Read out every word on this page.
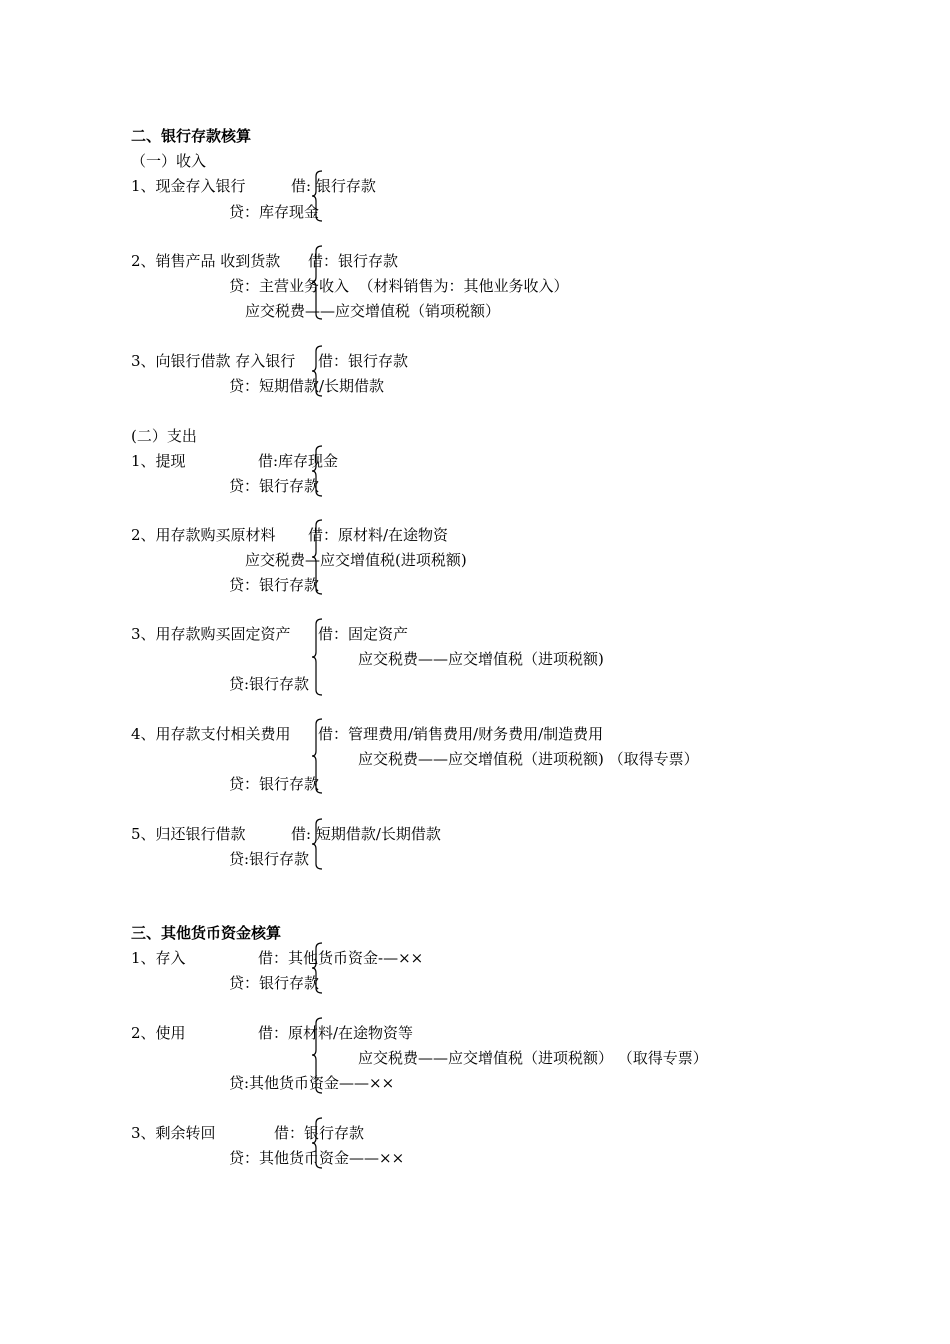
二、银行存款核算
（一）收入
1、现金存入银行	借: 银行存款
贷：库存现金
2、销售产品 收到货款 借：银行存款
贷：主营业务收入  （材料销售为：其他业务收入）
应交税费——应交增值税（销项税额）
3、向银行借款 存入银行 借：银行存款
贷：短期借款/长期借款
(二）支出
1、提现	借:库存现金
贷：银行存款
2、用存款购买原材料 借：原材料/在途物资
应交税费—应交增值税(进项税额)
贷：银行存款
3、用存款购买固定资产 借：固定资产
应交税费——应交增值税（进项税额)
贷:银行存款
4、用存款支付相关费用 借：管理费用/销售费用/财务费用/制造费用
应交税费——应交增值税（进项税额) （取得专票）
贷：银行存款
5、归还银行借款	借: 短期借款/长期借款
贷:银行存款
三、其他货币资金核算
1、存入	借：其他货币资金-—××
贷：银行存款
2、使用	借：原材料/在途物资等
应交税费——应交增值税（进项税额） （取得专票）
贷:其他货币资金——××
3、剩余转回	借：银行存款
贷：其他货币资金——××
